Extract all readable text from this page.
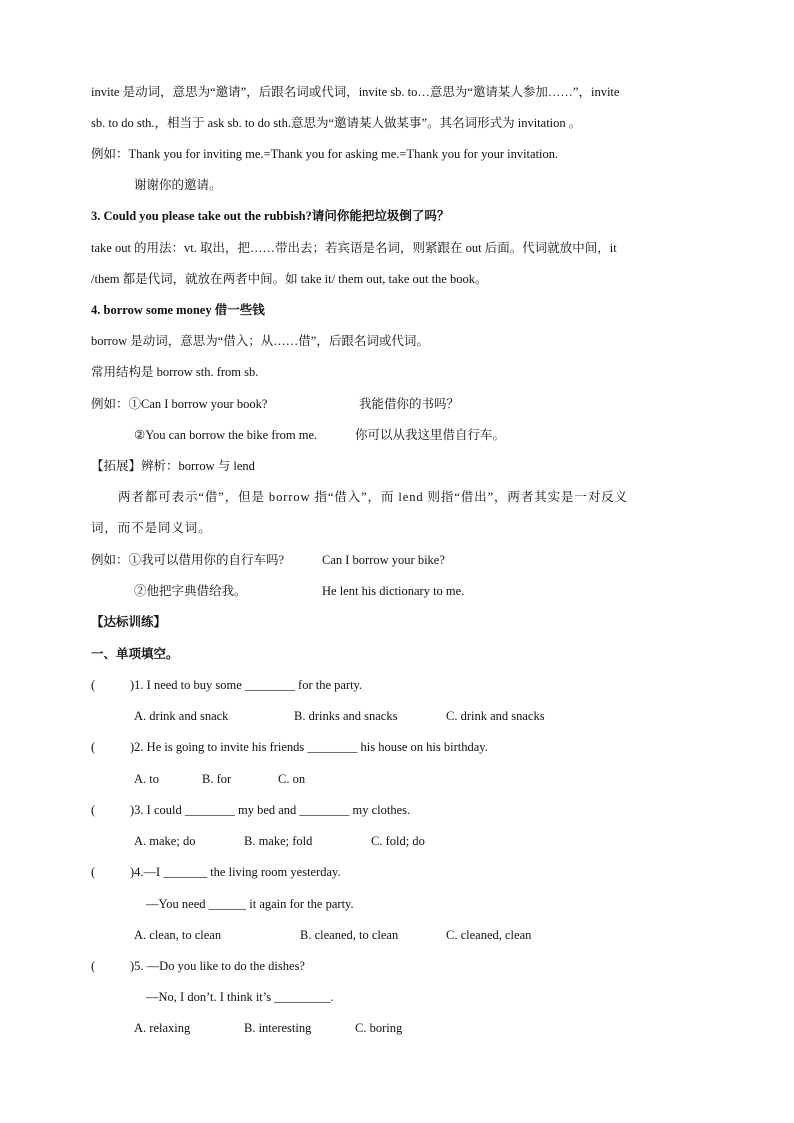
invite 是动词，意思为“邀请”，后跟名词或代词，invite sb. to…意思为“邀请某人参加……”，invite
sb. to do sth.，相当于 ask sb. to do sth.意思为“邀请某人做某事”。其名词形式为 invitation 。
例如：Thank you for inviting me.=Thank you for asking me.=Thank you for your invitation.
谢谢你的邀请。
3. Could you please take out the rubbish?请问你能把垃圾倒了吗？
take out 的用法：vt. 取出，把……带出去；若宾语是名词，则紧跟在 out 后面。代词就放中间，it
/them 都是代词，就放在两者中间。如 take it/ them out, take out the book。
4. borrow some money 借一些钱
borrow 是动词，意思为“借入；从……借”，后跟名词或代词。
常用结构是 borrow sth. from sb.
例如：①Can I borrow your book?	我能借你的书吗？
②You can borrow the bike from me.	你可以从我这里借自行车。
【拓展】辨析：borrow 与 lend
两者都可表示“借”，但是 borrow 指“借入”，而 lend 则指“借出”，两者其实是一对反义
词，而不是同义词。
例如：①我可以借用你的自行车吗?	Can I borrow your bike?
②他把字典借给我。	He lent his dictionary to me.
【达标训练】
一、单项填空。
(	)1. I need to buy some ________ for the party.
A. drink and snack	B. drinks and snacks	C. drink and snacks
(	)2. He is going to invite his friends ________ his house on his birthday.
A. to	B. for	C. on
(	)3. I could ________ my bed and ________ my clothes.
A. make; do	B. make; fold	C. fold; do
(	)4.—I _______ the living room yesterday.
—You need ______ it again for the party.
A. clean, to clean	B. cleaned, to clean	C. cleaned, clean
(	)5. —Do you like to do the dishes?
—No, I don’t. I think it’s _________.
A. relaxing	B. interesting	C. boring
